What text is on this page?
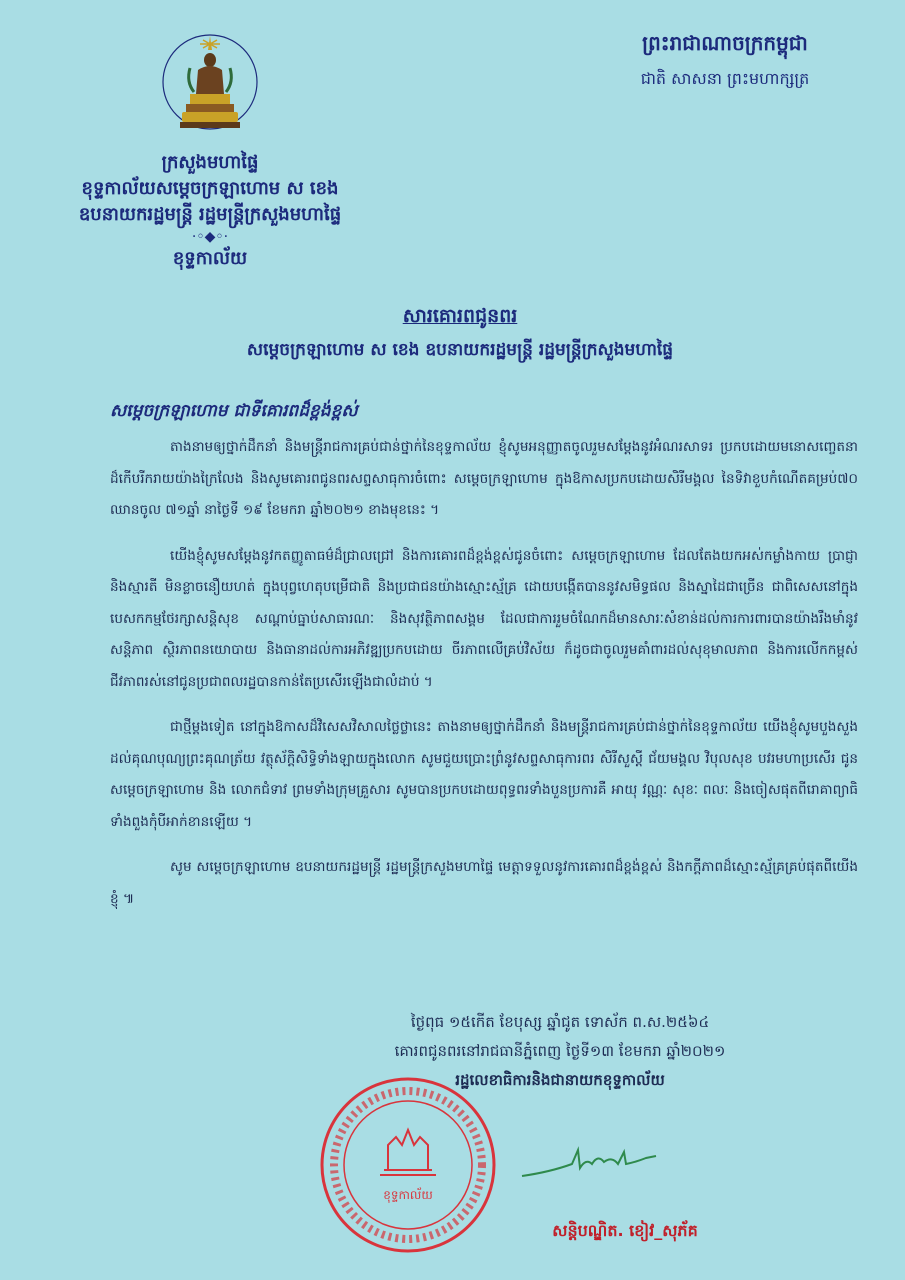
ព្រះរាជាណាចក្រកម្ពុជា
ជាតិ សាសនា ព្រះមហាក្សត្រ
ក្រសួងមហាផ្ទៃ
ខុទ្ទកាល័យសម្តេចក្រឡាហោម ស ខេង
ឧបនាយករដ្ឋមន្ត្រី រដ្ឋមន្ត្រីក្រសួងមហាផ្ទៃ
·◦◆◦·
ខុទ្ទកាល័យ
សារគោរពជូនពរ
សម្តេចក្រឡាហោម ស ខេង ឧបនាយករដ្ឋមន្ត្រី រដ្ឋមន្ត្រីក្រសួងមហាផ្ទៃ
សម្តេចក្រឡាហោម ជាទីគោរពដ៏ខ្ពង់ខ្ពស់

តាងនាមឲ្យថ្នាក់ដឹកនាំ និងមន្ត្រីរាជការគ្រប់ជាន់ថ្នាក់នៃខុទ្ទកាល័យ ខ្ញុំសូមអនុញ្ញាតចូលរួមសម្តែងនូវអំណរសាទរ ប្រកបដោយមនោសញ្ចេតនាដ៏កើបរីករាយយ៉ាងក្រៃលែង និងសូមគោរពជូនពរសព្ទសាធុការចំពោះ សម្តេចក្រឡាហោម ក្នុងឱកាសប្រកបដោយសិរីមង្គល នៃទិវាខួបកំណើតគម្រប់៧០ ឈានចូល ៧១ឆ្នាំ នាថ្ងៃទី ១៩ ខែមករា ឆ្នាំ២០២១ ខាងមុខនេះ ។

យើងខ្ញុំសូមសម្តែងនូវកតញ្ញូតាធម៌ដ៏ជ្រាលជ្រៅ និងការគោរពដ៏ខ្ពង់ខ្ពស់ជូនចំពោះ សម្តេចក្រឡាហោម ដែលតែងយកអស់កម្លាំងកាយ ប្រាជ្ញា និងស្មារតី មិនខ្លាចនឿយហត់ ក្នុងបុព្វហេតុបម្រើជាតិ និងប្រជាជនយ៉ាងស្មោះស្ម័គ្រ ដោយបង្កើតបាននូវសមិទ្ធផល និងស្នាដៃជាច្រើន ជាពិសេសនៅក្នុងបេសកកម្មថែរក្សាសន្តិសុខ សណ្តាប់ធ្នាប់សាធារណៈ និងសុវត្ថិភាពសង្គម ដែលជាការរួមចំណែកដ៏មានសារៈសំខាន់ដល់ការការពារបានយ៉ាងរឹងមាំនូវសន្តិភាព ស្ថិរភាពនយោបាយ និងធានាដល់ការអភិវឌ្ឍប្រកបដោយ ចីរភាពលើគ្រប់វិស័យ ក៏ដូចជាចូលរួមគាំពារដល់សុខុមាលភាព និងការលើកកម្ពស់ជីវភាពរស់នៅជូនប្រជាពលរដ្ឋបានកាន់តែប្រសើរឡើងជាលំដាប់ ។

ជាថ្មីម្តងទៀត នៅក្នុងឱកាសដ៏វិសេសវិសាលថ្លៃថ្លានេះ តាងនាមឲ្យថ្នាក់ដឹកនាំ និងមន្ត្រីរាជការគ្រប់ជាន់ថ្នាក់នៃខុទ្ទកាល័យ យើងខ្ញុំសូមបួងសួងដល់គុណបុណ្យព្រះគុណត្រ័យ វត្ថុស័ក្តិសិទ្ធិទាំងឡាយក្នុងលោក សូមជួយប្រោះព្រំនូវសព្ទសាធុការពរ សិរីសួស្តី ជ័យមង្គល វិបុលសុខ បវរមហាប្រសើរ ជូន សម្តេចក្រឡាហោម និង លោកជំទាវ ព្រមទាំងក្រុមគ្រួសារ សូមបានប្រកបដោយពុទ្ធពរទាំងបួនប្រការគឺ អាយុ វណ្ណៈ សុខៈ ពលៈ និងចៀសផុតពីរោគាព្យាធិទាំងពួងកុំបីអាក់ខានឡើយ ។

សូម សម្តេចក្រឡាហោម ឧបនាយករដ្ឋមន្ត្រី រដ្ឋមន្ត្រីក្រសួងមហាផ្ទៃ មេត្តាទទួលនូវការគោរពដ៏ខ្ពង់ខ្ពស់ និងកក្តីភាពដ៏ស្មោះស្ម័គ្រគ្រប់ផុតពីយើងខ្ញុំ ៕

ថ្ងៃពុធ ១៥កើត ខែបុស្ស ឆ្នាំជូត ទោស័ក ព.ស.២៥៦៤
គោរពជូនពរនៅរាជធានីភ្នំពេញ ថ្ងៃទី១៣ ខែមករា ឆ្នាំ២០២១
រដ្ឋលេខាធិការនិងជានាយកខុទ្ទកាល័យ
ខុទ្ទកាល័យ
សន្តិបណ្ឌិត. ខៀវ_សុភ័គ
